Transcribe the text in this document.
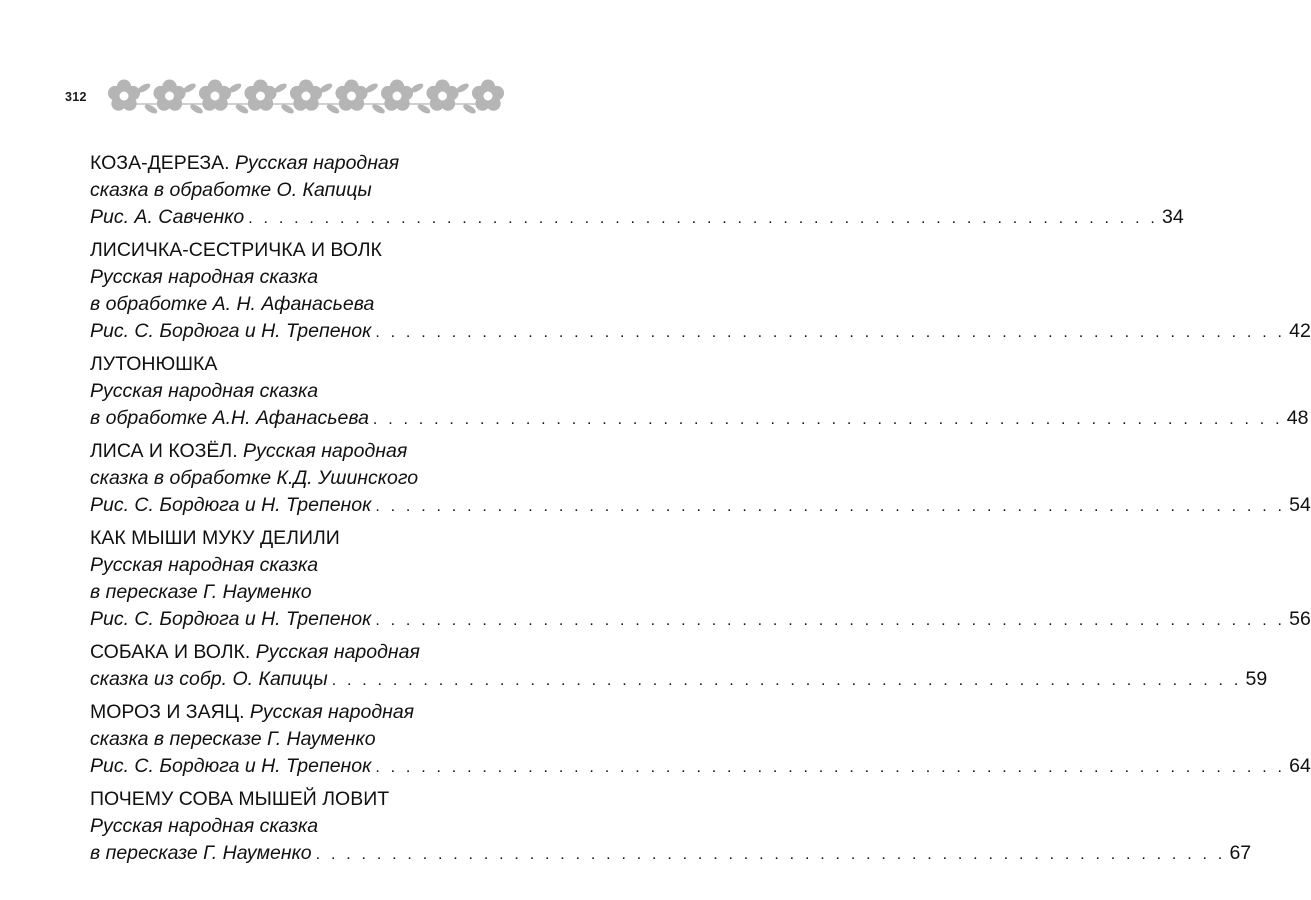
312
КОЗА-ДЕРЕЗА. Русская народная
сказка в обработке О. Капицы
Рис. А. Савченко . . . . . . . . . . . . . . . . . . . . . . . . . . . . . . . . . . . . . . . . . . . . . . . . . . . . . . . . . . . . 34
ЛИСИЧКА-СЕСТРИЧКА И ВОЛК
Русская народная сказка
в обработке А. Н. Афанасьева
Рис. С. Бордюга и Н. Трепенок . . . . . . . . . . . . . . . . . . . . . . . . . . . . . . . . . . . . . . . . . . . . . . . . . . . . . . . . . . . . 42
ЛУТОНЮШКА
Русская народная сказка
в обработке А.Н. Афанасьева . . . . . . . . . . . . . . . . . . . . . . . . . . . . . . . . . . . . . . . . . . . . . . . . . . . . . . . . . . . . 48
ЛИСА И КОЗЁЛ. Русская народная
сказка в обработке К.Д. Ушинского
Рис. С. Бордюга и Н. Трепенок . . . . . . . . . . . . . . . . . . . . . . . . . . . . . . . . . . . . . . . . . . . . . . . . . . . . . . . . . . . . 54
КАК МЫШИ МУКУ ДЕЛИЛИ
Русская народная сказка
в пересказе Г. Науменко
Рис. С. Бордюга и Н. Трепенок . . . . . . . . . . . . . . . . . . . . . . . . . . . . . . . . . . . . . . . . . . . . . . . . . . . . . . . . . . . . 56
СОБАКА И ВОЛК. Русская народная
сказка из собр. О. Капицы . . . . . . . . . . . . . . . . . . . . . . . . . . . . . . . . . . . . . . . . . . . . . . . . . . . . . . . . . . . . 59
МОРОЗ И ЗАЯЦ. Русская народная
сказка в пересказе Г. Науменко
Рис. С. Бордюга и Н. Трепенок . . . . . . . . . . . . . . . . . . . . . . . . . . . . . . . . . . . . . . . . . . . . . . . . . . . . . . . . . . . . 64
ПОЧЕМУ СОВА МЫШЕЙ ЛОВИТ
Русская народная сказка
в пересказе Г. Науменко . . . . . . . . . . . . . . . . . . . . . . . . . . . . . . . . . . . . . . . . . . . . . . . . . . . . . . . . . . . . 67
